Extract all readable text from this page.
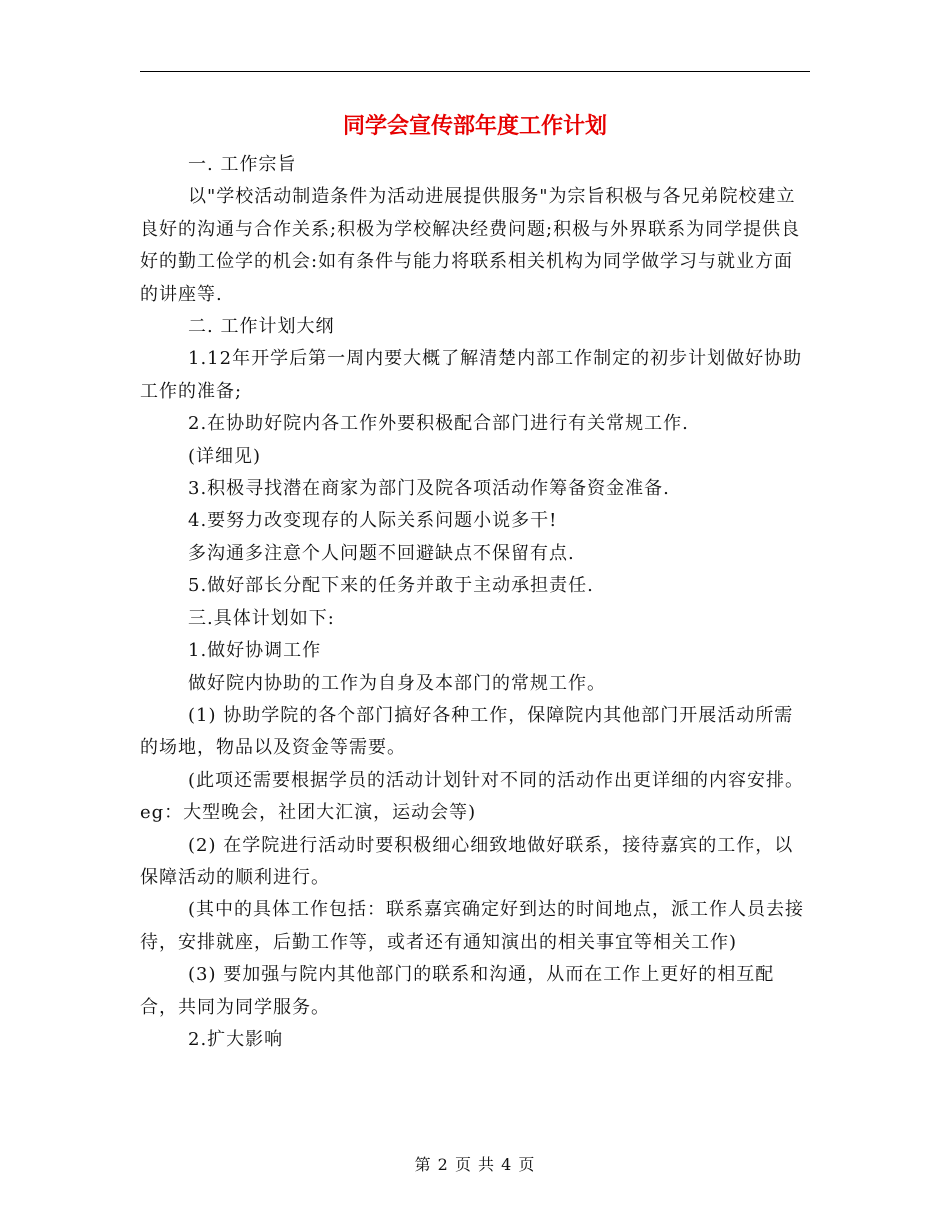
同学会宣传部年度工作计划

一. 工作宗旨

以"学校活动制造条件为活动进展提供服务"为宗旨积极与各兄弟院校建立良好的沟通与合作关系;积极为学校解决经费问题;积极与外界联系为同学提供良好的勤工俭学的机会:如有条件与能力将联系相关机构为同学做学习与就业方面的讲座等.

二. 工作计划大纲

1.12年开学后第一周内要大概了解清楚内部工作制定的初步计划做好协助工作的准备;

2.在协助好院内各工作外要积极配合部门进行有关常规工作.

(详细见)

3.积极寻找潜在商家为部门及院各项活动作筹备资金准备.

4.要努力改变现存的人际关系问题小说多干!

多沟通多注意个人问题不回避缺点不保留有点.

5.做好部长分配下来的任务并敢于主动承担责任.

三.具体计划如下:

1.做好协调工作

做好院内协助的工作为自身及本部门的常规工作。

(1) 协助学院的各个部门搞好各种工作，保障院内其他部门开展活动所需的场地，物品以及资金等需要。

(此项还需要根据学员的活动计划针对不同的活动作出更详细的内容安排。eg：大型晚会，社团大汇演，运动会等)

(2) 在学院进行活动时要积极细心细致地做好联系，接待嘉宾的工作，以保障活动的顺利进行。

(其中的具体工作包括：联系嘉宾确定好到达的时间地点，派工作人员去接待，安排就座，后勤工作等，或者还有通知演出的相关事宜等相关工作)

(3) 要加强与院内其他部门的联系和沟通，从而在工作上更好的相互配合，共同为同学服务。

2.扩大影响

第 2 页 共 4 页
